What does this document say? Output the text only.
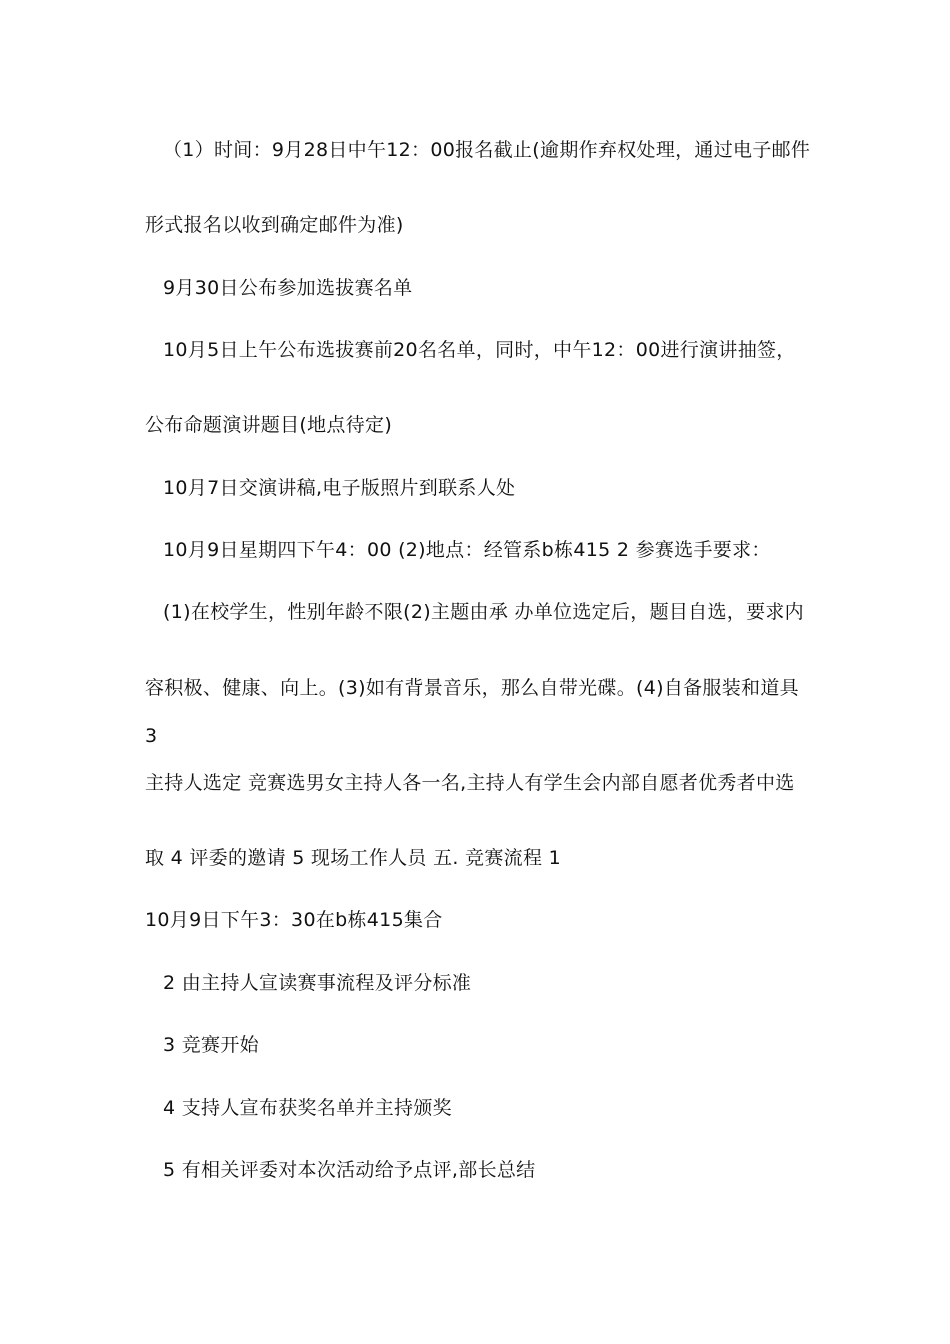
（1）时间：9月28日中午12：00报名截止(逾期作弃权处理，通过电子邮件
形式报名以收到确定邮件为准)
9月30日公布参加选拔赛名单
10月5日上午公布选拔赛前20名名单，同时，中午12：00进行演讲抽签，
公布命题演讲题目(地点待定)
10月7日交演讲稿,电子版照片到联系人处
10月9日星期四下午4：00 (2)地点：经管系b栋415 2 参赛选手要求：
(1)在校学生，性别年龄不限(2)主题由承 办单位选定后，题目自选，要求内
容积极、健康、向上。(3)如有背景音乐，那么自带光碟。(4)自备服装和道具
3
主持人选定 竞赛选男女主持人各一名,主持人有学生会内部自愿者优秀者中选
取 4 评委的邀请 5 现场工作人员 五. 竞赛流程 1
10月9日下午3：30在b栋415集合
2 由主持人宣读赛事流程及评分标准
3 竞赛开始
4 支持人宣布获奖名单并主持颁奖
5 有相关评委对本次活动给予点评,部长总结
